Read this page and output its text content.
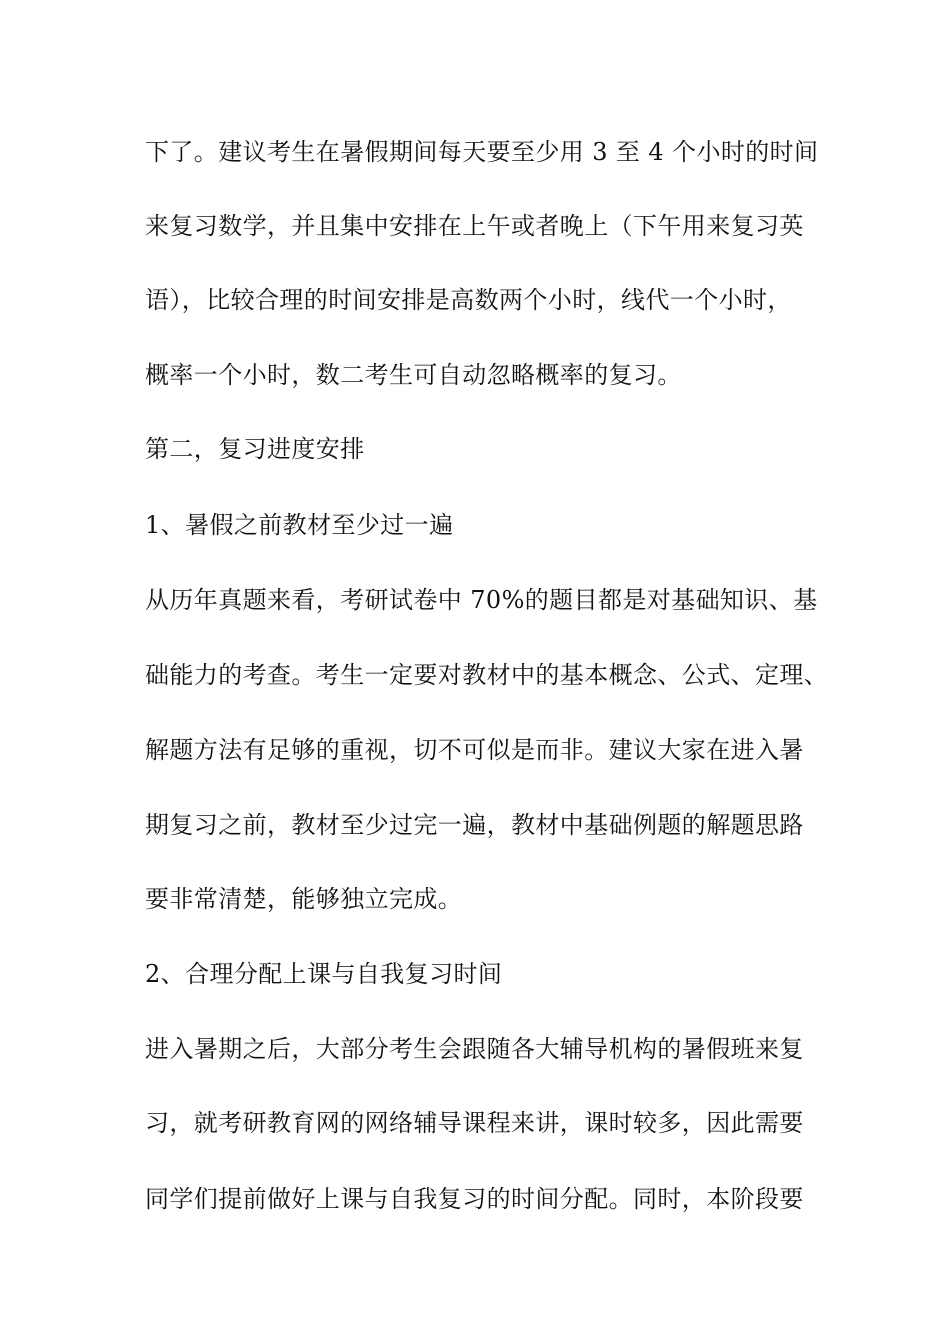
下了。建议考生在暑假期间每天要至少用 3 至 4 个小时的时间
来复习数学，并且集中安排在上午或者晚上（下午用来复习英
语），比较合理的时间安排是高数两个小时，线代一个小时，
概率一个小时，数二考生可自动忽略概率的复习。
第二，复习进度安排
1、暑假之前教材至少过一遍
从历年真题来看，考研试卷中 70%的题目都是对基础知识、基
础能力的考查。考生一定要对教材中的基本概念、公式、定理、
解题方法有足够的重视，切不可似是而非。建议大家在进入暑
期复习之前，教材至少过完一遍，教材中基础例题的解题思路
要非常清楚，能够独立完成。
2、合理分配上课与自我复习时间
进入暑期之后，大部分考生会跟随各大辅导机构的暑假班来复
习，就考研教育网的网络辅导课程来讲，课时较多，因此需要
同学们提前做好上课与自我复习的时间分配。同时，本阶段要
